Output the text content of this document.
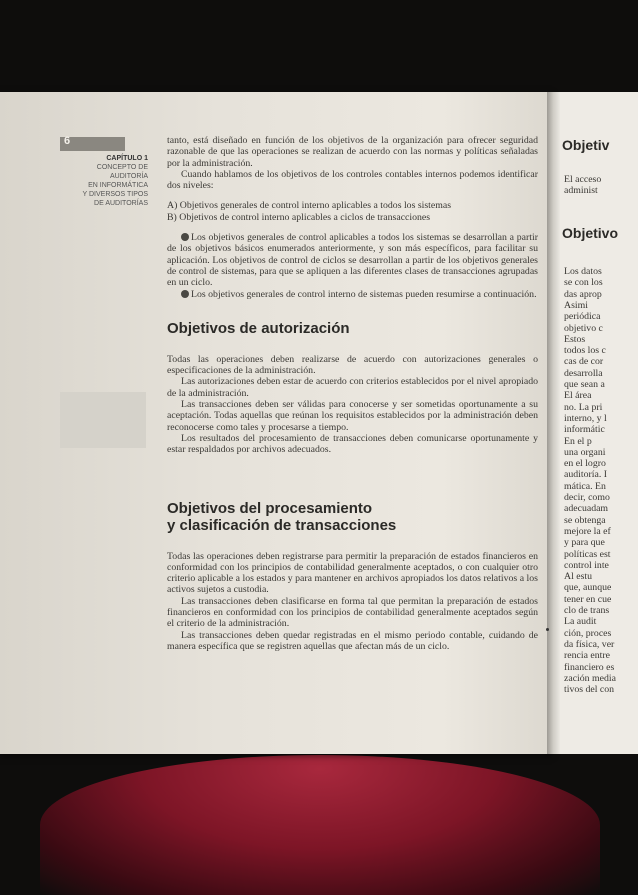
6
CAPÍTULO 1
CONCEPTO DE
AUDITORÍA
EN INFORMÁTICA
Y DIVERSOS TIPOS
DE AUDITORÍAS

tanto, está diseñado en función de los objetivos de la organización para ofrecer seguridad razonable de que las operaciones se realizan de acuerdo con las normas y políticas señaladas por la administración.

Cuando hablamos de los objetivos de los controles contables internos podemos identificar dos niveles:

A) Objetivos generales de control interno aplicables a todos los sistemas
B) Objetivos de control interno aplicables a ciclos de transacciones

Los objetivos generales de control aplicables a todos los sistemas se desarrollan a partir de los objetivos básicos enumerados anteriormente, y son más específicos, para facilitar su aplicación. Los objetivos de control de ciclos se desarrollan a partir de los objetivos generales de control de sistemas, para que se apliquen a las diferentes clases de transacciones agrupadas en un ciclo.

Los objetivos generales de control interno de sistemas pueden resumirse a continuación.

Objetivos de autorización

Todas las operaciones deben realizarse de acuerdo con autorizaciones generales o especificaciones de la administración.

Las autorizaciones deben estar de acuerdo con criterios establecidos por el nivel apropiado de la administración.

Las transacciones deben ser válidas para conocerse y ser sometidas oportunamente a su aceptación. Todas aquellas que reúnan los requisitos establecidos por la administración deben reconocerse como tales y procesarse a tiempo.

Los resultados del procesamiento de transacciones deben comunicarse oportunamente y estar respaldados por archivos adecuados.

Objetivos del procesamiento
y clasificación de transacciones

Todas las operaciones deben registrarse para permitir la preparación de estados financieros en conformidad con los principios de contabilidad generalmente aceptados, o con cualquier otro criterio aplicable a los estados y para mantener en archivos apropiados los datos relativos a los activos sujetos a custodia.

Las transacciones deben clasificarse en forma tal que permitan la preparación de estados financieros en conformidad con los principios de contabilidad generalmente aceptados según el criterio de la administración.

Las transacciones deben quedar registradas en el mismo periodo contable, cuidando de manera específica que se registren aquellas que afectan más de un ciclo.

Objetiv
El acceso
administ
Objetivo
Los datos
se con los
das aprop
Asimi
periódica
objetivo c
Estos
todos los c
cas de cor
desarrolla
que sean a
El área
no. La pri
interno, y l
informátic
En el p
una organi
en el logro
auditoría. I
mática. En
decir, como
adecuadam
se obtenga
mejore la ef
y para que
políticas est
control inte
Al estu
que, aunque
tener en cue
clo de trans
La audit
ción, proces
da física, ver
rencia entre
financiero es
zación media
tivos del con
